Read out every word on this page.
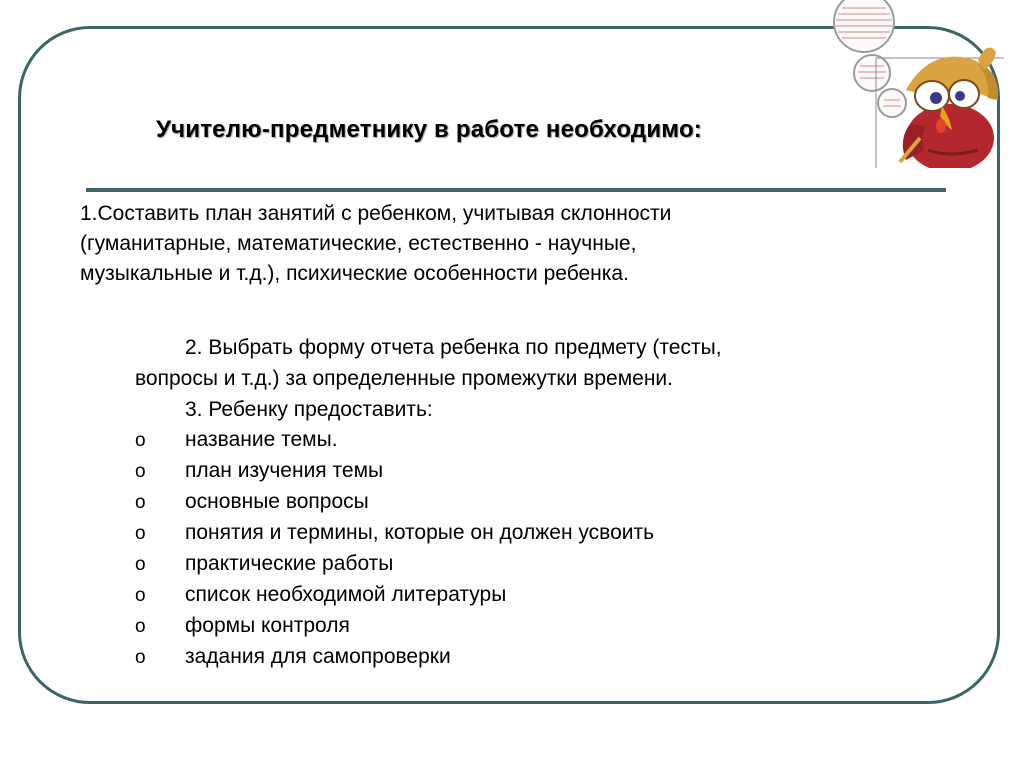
Учителю-предметнику в работе необходимо:
1.Составить план занятий с ребенком, учитывая склонности
(гуманитарные, математические, естественно - научные,
музыкальные и т.д.), психические особенности ребенка.
2. Выбрать форму отчета ребенка по предмету (тесты,
вопросы и т.д.) за определенные промежутки времени.
3. Ребенку предоставить:
o название темы.
o план изучения темы
o основные вопросы
o понятия и термины, которые он должен усвоить
o практические работы
o список необходимой литературы
o формы контроля
o задания для самопроверки
